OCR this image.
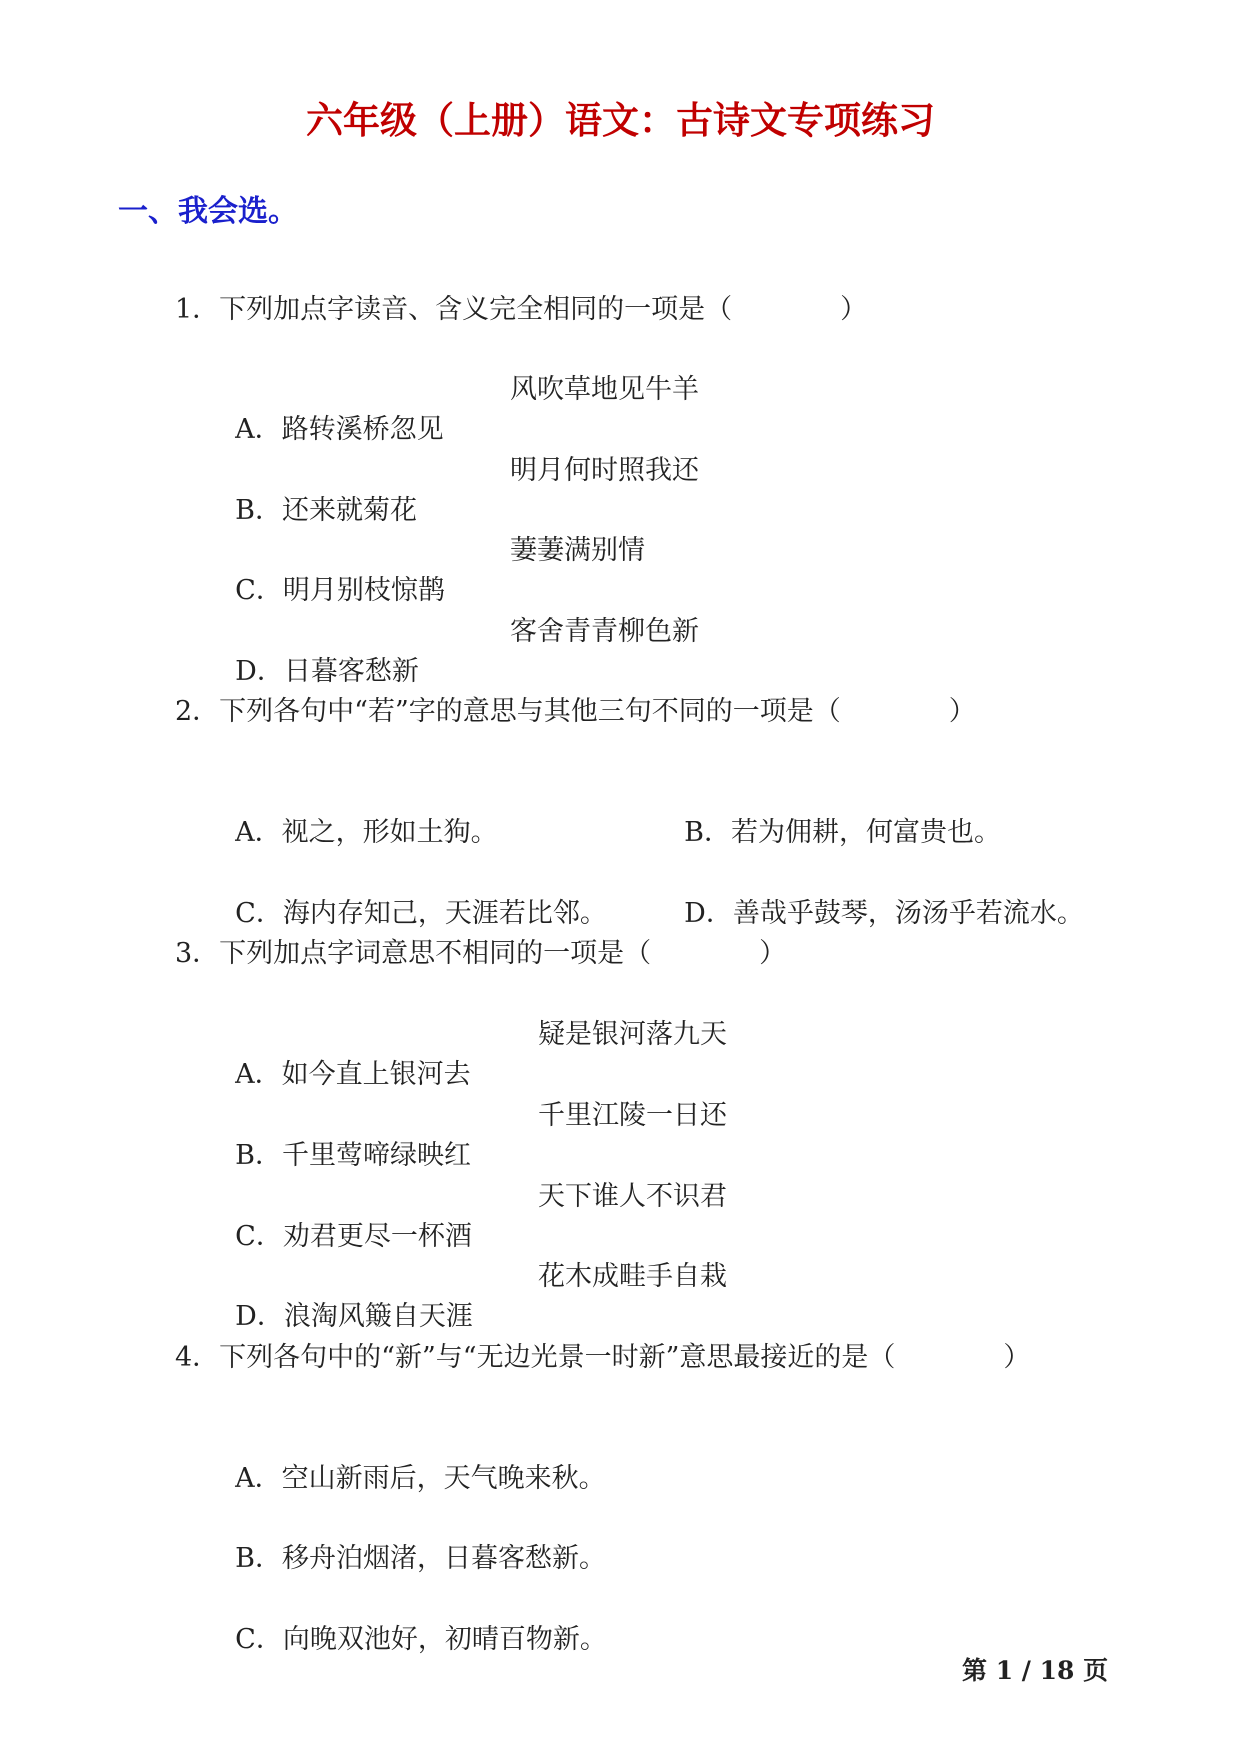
六年级（上册）语文：古诗文专项练习
一、我会选。
1．下列加点字读音、含义完全相同的一项是（　　　　）

A．路转溪桥忽见

风吹草地见牛羊

B．还来就菊花

明月何时照我还

C．明月别枝惊鹊

萋萋满别情

D．日暮客愁新

客舍青青柳色新
2．下列各句中“若”字的意思与其他三句不同的一项是（　　　　）

A．视之，形如土狗。	B．若为佣耕，何富贵也。

C．海内存知己，天涯若比邻。	D．善哉乎鼓琴，汤汤乎若流水。

3．下列加点字词意思不相同的一项是（　　　　）

A．如今直上银河去

疑是银河落九天

B．千里莺啼绿映红

千里江陵一日还

C．劝君更尽一杯酒

天下谁人不识君

D．浪淘风簸自天涯

花木成畦手自栽
4．下列各句中的“新”与“无边光景一时新”意思最接近的是（　　　　）

A．空山新雨后，天气晚来秋。

B．移舟泊烟渚，日暮客愁新。

C．向晚双池好，初晴百物新。

第 1 / 18 页
